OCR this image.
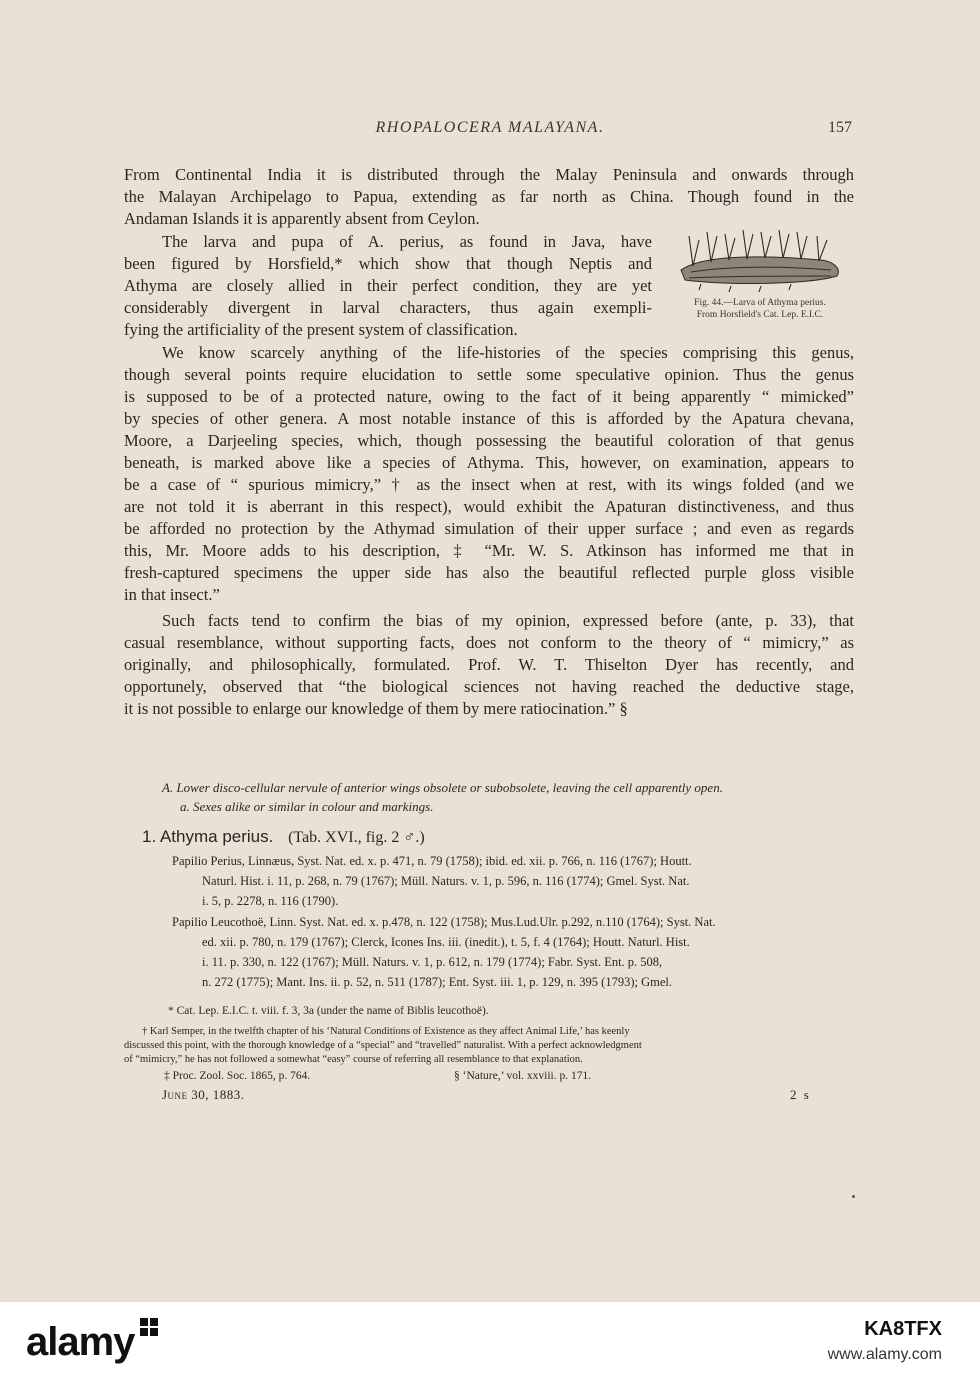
RHOPALOCERA MALAYANA.	157
From Continental India it is distributed through the Malay Peninsula and onwards through
the Malayan Archipelago to Papua, extending as far north as China. Though found in the
Andaman Islands it is apparently absent from Ceylon.
The larva and pupa of A. perius, as found in Java, have
been figured by Horsfield,* which show that though Neptis and
Athyma are closely allied in their perfect condition, they are yet
considerably divergent in larval characters, thus again exempli-
fying the artificiality of the present system of classification.
Fig. 44.—Larva of Athyma perius.
From Horsfield's Cat. Lep. E.I.C.
We know scarcely anything of the life-histories of the species comprising this genus,
though several points require elucidation to settle some speculative opinion. Thus the genus
is supposed to be of a protected nature, owing to the fact of it being apparently “ mimicked”
by species of other genera. A most notable instance of this is afforded by the Apatura chevana,
Moore, a Darjeeling species, which, though possessing the beautiful coloration of that genus
beneath, is marked above like a species of Athyma. This, however, on examination, appears to
be a case of “ spurious mimicry,” † as the insect when at rest, with its wings folded (and we
are not told it is aberrant in this respect), would exhibit the Apaturan distinctiveness, and thus
be afforded no protection by the Athymad simulation of their upper surface ; and even as regards
this, Mr. Moore adds to his description, ‡ “Mr. W. S. Atkinson has informed me that in
fresh-captured specimens the upper side has also the beautiful reflected purple gloss visible
in that insect.”
Such facts tend to confirm the bias of my opinion, expressed before (ante, p. 33), that
casual resemblance, without supporting facts, does not conform to the theory of “ mimicry,” as
originally, and philosophically, formulated. Prof. W. T. Thiselton Dyer has recently, and
opportunely, observed that “the biological sciences not having reached the deductive stage,
it is not possible to enlarge our knowledge of them by mere ratiocination.” §
A. Lower disco-cellular nervule of anterior wings obsolete or subobsolete, leaving the cell apparently open.
a. Sexes alike or similar in colour and markings.
1. Athyma perius. (Tab. XVI., fig. 2 ♂.)
Papilio Perius, Linnæus, Syst. Nat. ed. x. p. 471, n. 79 (1758); ibid. ed. xii. p. 766, n. 116 (1767); Houtt.
Naturl. Hist. i. 11, p. 268, n. 79 (1767); Müll. Naturs. v. 1, p. 596, n. 116 (1774); Gmel. Syst. Nat.
i. 5, p. 2278, n. 116 (1790).
Papilio Leucothoë, Linn. Syst. Nat. ed. x. p.478, n. 122 (1758); Mus.Lud.Ulr. p.292, n.110 (1764); Syst. Nat.
ed. xii. p. 780, n. 179 (1767); Clerck, Icones Ins. iii. (inedit.), t. 5, f. 4 (1764); Houtt. Naturl. Hist.
i. 11. p. 330, n. 122 (1767); Müll. Naturs. v. 1, p. 612, n. 179 (1774); Fabr. Syst. Ent. p. 508,
n. 272 (1775); Mant. Ins. ii. p. 52, n. 511 (1787); Ent. Syst. iii. 1, p. 129, n. 395 (1793); Gmel.
* Cat. Lep. E.I.C. t. viii. f. 3, 3a (under the name of Biblis leucothoë).
† Karl Semper, in the twelfth chapter of his ‘Natural Conditions of Existence as they affect Animal Life,’ has keenly
discussed this point, with the thorough knowledge of a “special” and “travelled” naturalist. With a perfect acknowledgment
of “mimicry,” he has not followed a somewhat “easy” course of referring all resemblance to that explanation.
‡ Proc. Zool. Soc. 1865, p. 764.	§ ‘Nature,’ vol. xxviii. p. 171.
June 30, 1883.	2 s
alamy	KA8TFX
www.alamy.com
